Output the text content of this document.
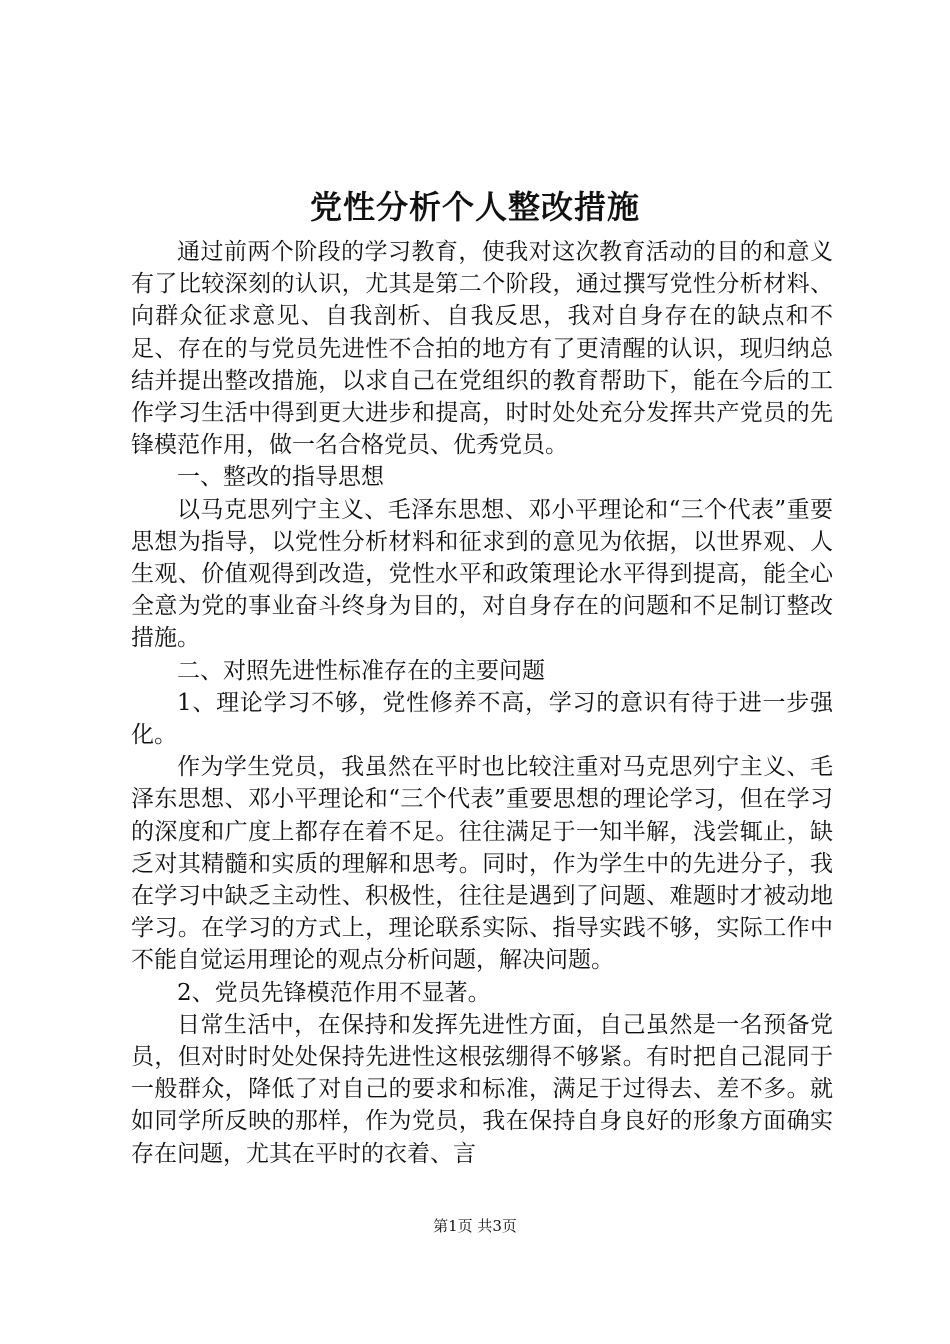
党性分析个人整改措施

通过前两个阶段的学习教育，使我对这次教育活动的目的和意义有了比较深刻的认识，尤其是第二个阶段，通过撰写党性分析材料、向群众征求意见、自我剖析、自我反思，我对自身存在的缺点和不足、存在的与党员先进性不合拍的地方有了更清醒的认识，现归纳总结并提出整改措施，以求自己在党组织的教育帮助下，能在今后的工作学习生活中得到更大进步和提高，时时处处充分发挥共产党员的先锋模范作用，做一名合格党员、优秀党员。

一、整改的指导思想

以马克思列宁主义、毛泽东思想、邓小平理论和“三个代表”重要思想为指导，以党性分析材料和征求到的意见为依据，以世界观、人生观、价值观得到改造，党性水平和政策理论水平得到提高，能全心全意为党的事业奋斗终身为目的，对自身存在的问题和不足制订整改措施。

二、对照先进性标准存在的主要问题

1、理论学习不够，党性修养不高，学习的意识有待于进一步强化。

作为学生党员，我虽然在平时也比较注重对马克思列宁主义、毛泽东思想、邓小平理论和“三个代表”重要思想的理论学习，但在学习的深度和广度上都存在着不足。往往满足于一知半解，浅尝辄止，缺乏对其精髓和实质的理解和思考。同时，作为学生中的先进分子，我在学习中缺乏主动性、积极性，往往是遇到了问题、难题时才被动地学习。在学习的方式上，理论联系实际、指导实践不够，实际工作中不能自觉运用理论的观点分析问题，解决问题。

2、党员先锋模范作用不显著。

日常生活中，在保持和发挥先进性方面，自己虽然是一名预备党员，但对时时处处保持先进性这根弦绷得不够紧。有时把自己混同于一般群众，降低了对自己的要求和标准，满足于过得去、差不多。就如同学所反映的那样，作为党员，我在保持自身良好的形象方面确实存在问题，尤其在平时的衣着、言

第1页 共3页
